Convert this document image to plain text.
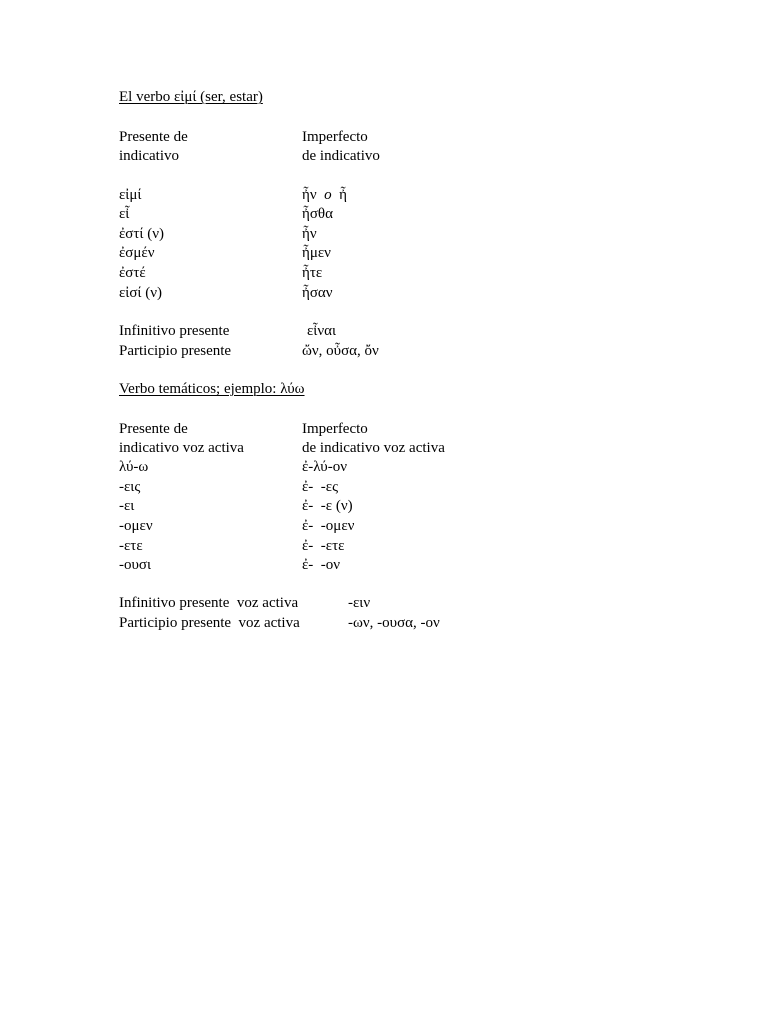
El verbo εἰμί (ser, estar)
Presente de	Imperfecto
indicativo	de indicativo
εἰμί	ἦν o ἦ
εἶ	ἦσθα
ἐστί (ν)	ἦν
ἐσμέν	ἦμεν
ἐστέ	ἦτε
εἰσί (ν)	ἦσαν
Infinitivo presente	εἶναι
Participio presente	ὤν, οὖσα, ὄν
Verbo temáticos; ejemplo: λύω
Presente de	Imperfecto
indicativo voz activa	de indicativo voz activa
λύ-ω	ἐ-λύ-ον
-εις	ἐ-  -ες
-ει	ἐ-  -ε (ν)
-ομεν	ἐ-  -ομεν
-ετε	ἐ-  -ετε
-ουσι	ἐ-  -ον
Infinitivo presente  voz activa	-ειν
Participio presente  voz activa	-ων, -ουσα, -ον
